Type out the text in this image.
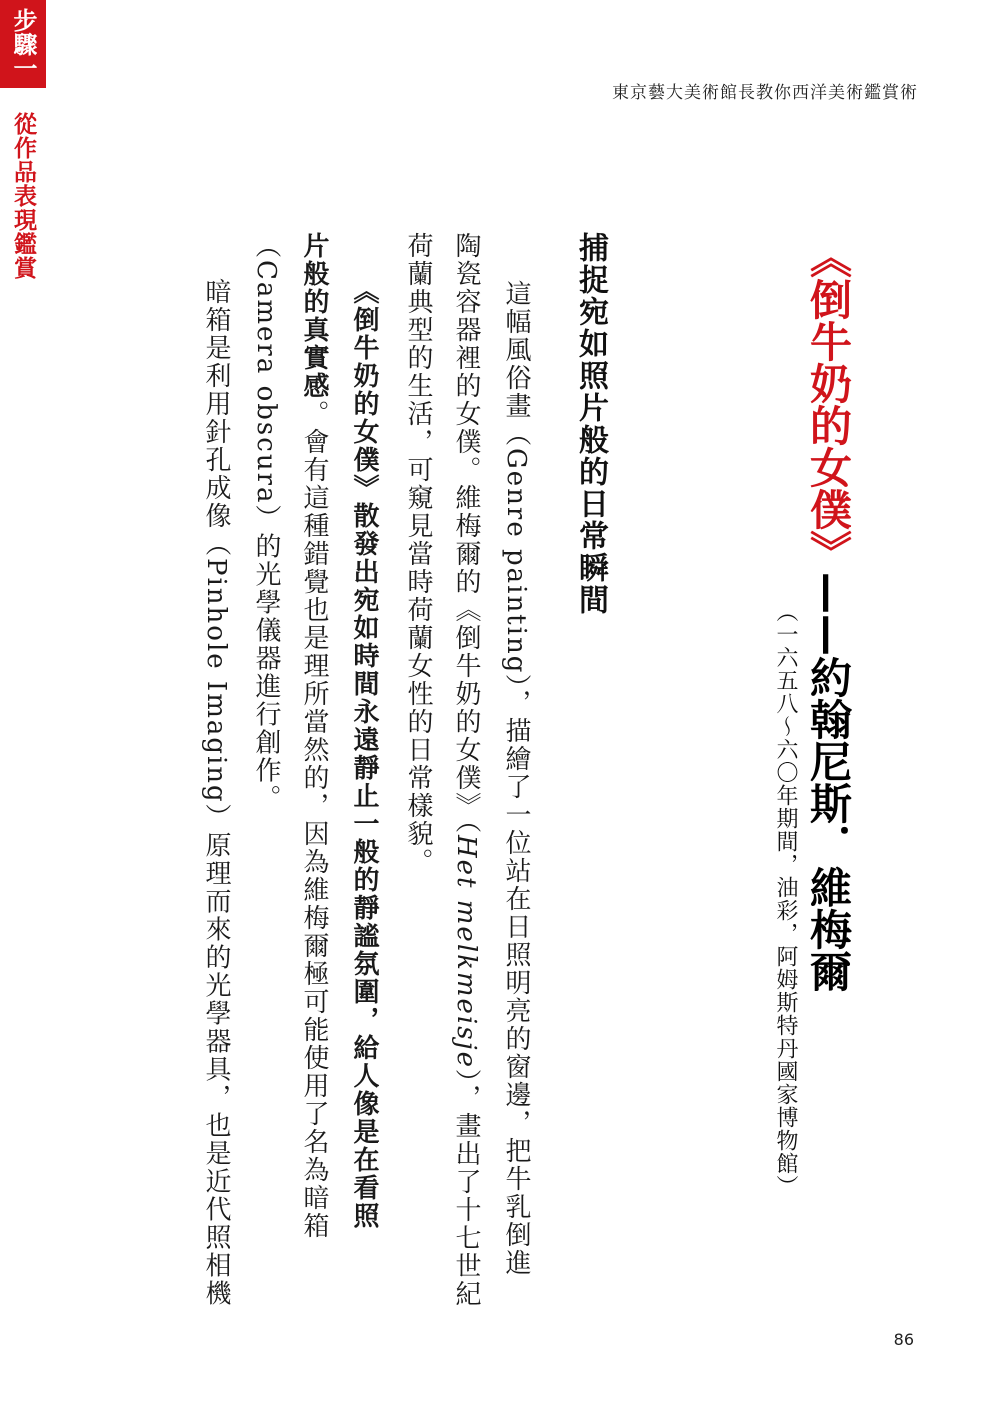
東京藝大美術館長教你西洋美術鑑賞術
《倒牛奶的女僕》——約翰尼斯．維梅爾
（一六五八～六〇年期間，油彩，阿姆斯特丹國家博物館）
步驟一
從作品表現鑑賞
捕捉宛如照片般的日常瞬間
這幅風俗畫（Genre painting），描繪了一位站在日照明亮的窗邊，把牛乳倒進
陶瓷容器裡的女僕。維梅爾的《倒牛奶的女僕》（Het melkmeisje），畫出了十七世紀
荷蘭典型的生活，可窺見當時荷蘭女性的日常樣貌。
《倒牛奶的女僕》散發出宛如時間永遠靜止一般的靜謐氛圍，給人像是在看照
片般的真實感。會有這種錯覺也是理所當然的，因為維梅爾極可能使用了名為暗箱
（Camera obscura）的光學儀器進行創作。
暗箱是利用針孔成像（Pinhole Imaging）原理而來的光學器具，也是近代照相機
86
